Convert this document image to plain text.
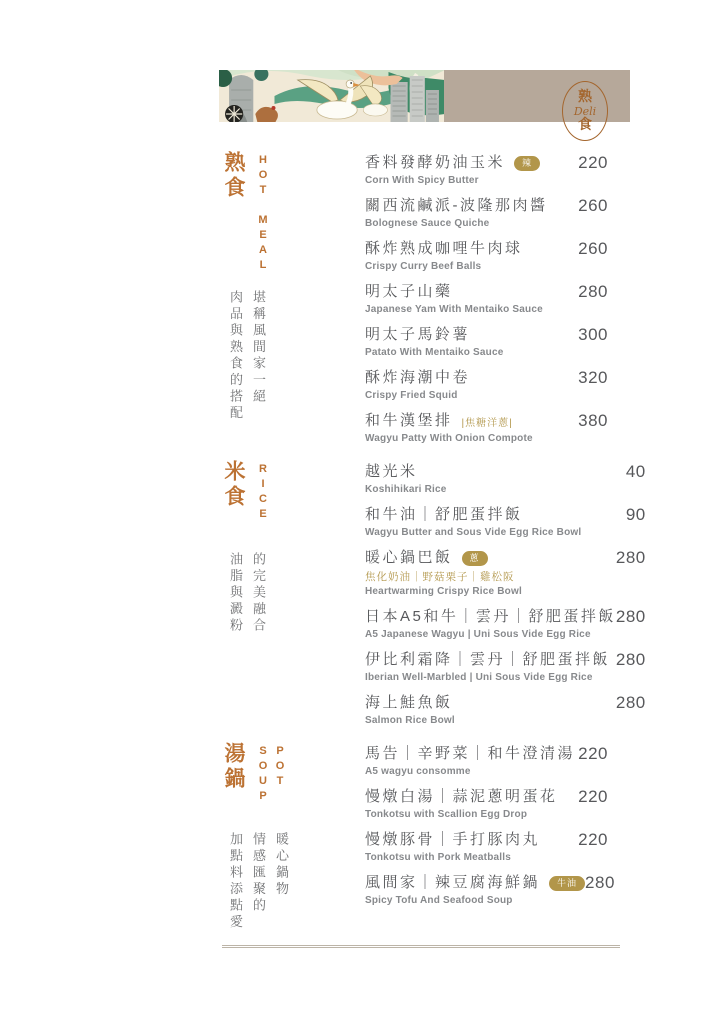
熟
Deli
食
熟食 HOT MEAL
肉品與熟食的搭配 堪稱風間家一絕
香料發酵奶油玉米	辣	220
Corn With Spicy Butter
關西流鹹派-波隆那肉醬 260
Bolognese Sauce Quiche
酥炸熟成咖哩牛肉球	260
Crispy Curry Beef Balls
明太子山藥	280
Japanese Yam With Mentaiko Sauce
明太子馬鈴薯	300
Patato With Mentaiko Sauce
酥炸海潮中卷	320
Crispy Fried Squid
和牛漢堡排 |焦糖洋蔥|	380
Wagyu Patty With Onion Compote
米食 RICE
油脂與澱粉 的完美融合
越光米	40
Koshihikari Rice
和牛油｜舒肥蛋拌飯	90
Wagyu Butter and Sous Vide Egg Rice Bowl
暖心鍋巴飯	蔥	280
焦化奶油｜野菇栗子｜雞松阪
Heartwarming Crispy Rice Bowl
日本A5和牛｜雲丹｜舒肥蛋拌飯 280
A5 Japanese Wagyu | Uni Sous Vide Egg Rice
伊比利霜降｜雲丹｜舒肥蛋拌飯 280
Iberian Well-Marbled | Uni Sous Vide Egg Rice
海上鮭魚飯	280
Salmon Rice Bowl
湯鍋 SOUP POT
加點料添點愛 情感匯聚的 暖心鍋物
馬告｜辛野菜｜和牛澄清湯 220
A5 wagyu consomme
慢燉白湯｜蒜泥蔥明蛋花 220
Tonkotsu with Scallion Egg Drop
慢燉豚骨｜手打豚肉丸 220
Tonkotsu with Pork Meatballs
風間家｜辣豆腐海鮮鍋	牛油 280
Spicy Tofu And Seafood Soup
